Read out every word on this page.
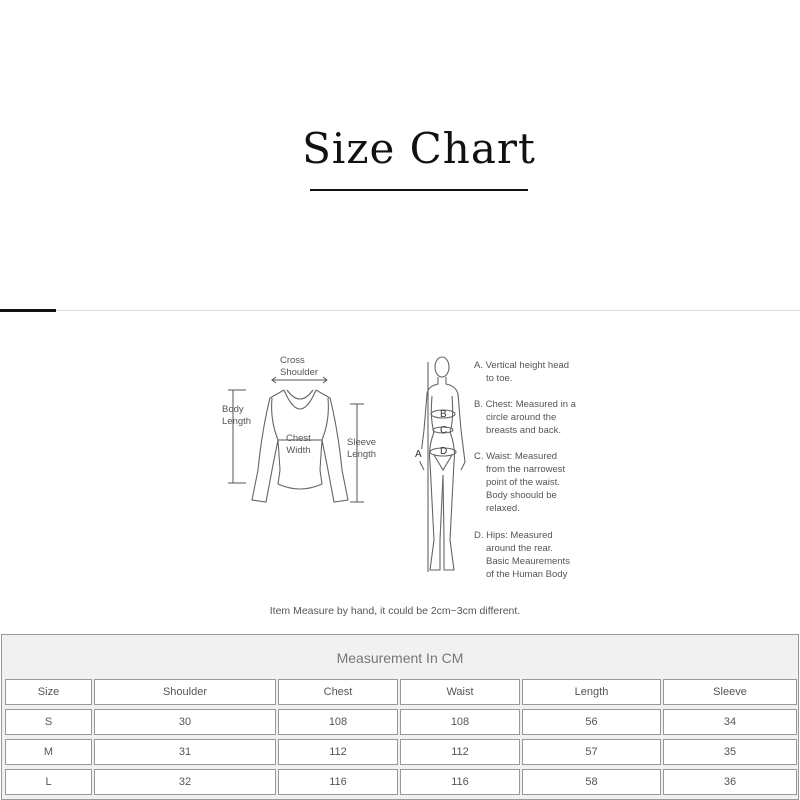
Size Chart
Cross
Shoulder
Body
Length
Chest
Width
Sleeve
Length	A
B
C
D
A. Vertical height head
to toe.
B. Chest: Measured in a
circle around the
breasts and back.
C. Waist: Measured
from the narrowest
point of the waist.
Body shoould be
relaxed.
D. Hips: Measured
around the rear.
Basic Meaurements
of the Human Body
Item Measure by hand, it could be 2cm~3cm different.
Measurement In CM
Size	Shoulder	Chest	Waist	Length	Sleeve
S	30	108	108	56	34
M	31	112	112	57	35
L	32	116	116	58	36
